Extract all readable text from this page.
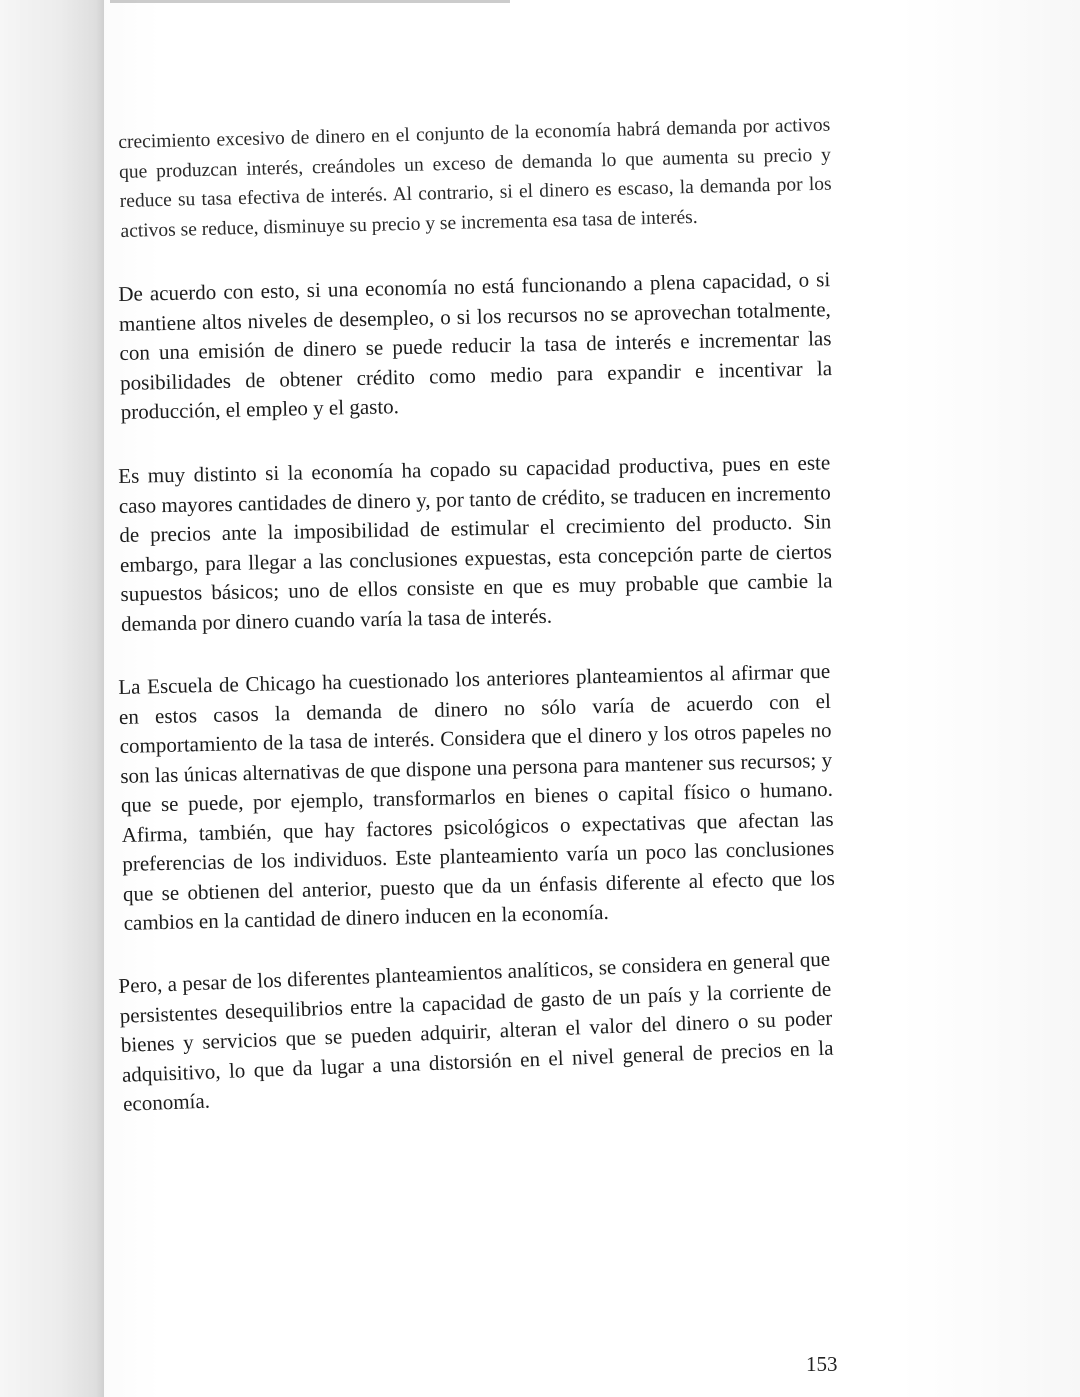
crecimiento excesivo de dinero en el conjunto de la economía habrá demanda por activos que produzcan interés, creándoles un exceso de demanda lo que aumenta su precio y reduce su tasa efectiva de interés. Al contrario, si el dinero es escaso, la demanda por los activos se reduce, disminuye su precio y se incrementa esa tasa de interés.

De acuerdo con esto, si una economía no está funcionando a plena capacidad, o si mantiene altos niveles de desempleo, o si los recursos no se aprovechan totalmente, con una emisión de dinero se puede reducir la tasa de interés e incrementar las posibilidades de obtener crédito como medio para expandir e incentivar la producción, el empleo y el gasto.

Es muy distinto si la economía ha copado su capacidad productiva, pues en este caso mayores cantidades de dinero y, por tanto de crédito, se traducen en incremento de precios ante la imposibilidad de estimular el crecimiento del producto. Sin embargo, para llegar a las conclusiones expuestas, esta concepción parte de ciertos supuestos básicos; uno de ellos consiste en que es muy probable que cambie la demanda por dinero cuando varía la tasa de interés.

La Escuela de Chicago ha cuestionado los anteriores planteamientos al afirmar que en estos casos la demanda de dinero no sólo varía de acuerdo con el comportamiento de la tasa de interés. Considera que el dinero y los otros papeles no son las únicas alternativas de que dispone una persona para mantener sus recursos; y que se puede, por ejemplo, transformarlos en bienes o capital físico o humano. Afirma, también, que hay factores psicológicos o expectativas que afectan las preferencias de los individuos. Este planteamiento varía un poco las conclusiones que se obtienen del anterior, puesto que da un énfasis diferente al efecto que los cambios en la cantidad de dinero inducen en la economía.

Pero, a pesar de los diferentes planteamientos analíticos, se considera en general que persistentes desequilibrios entre la capacidad de gasto de un país y la corriente de bienes y servicios que se pueden adquirir, alteran el valor del dinero o su poder adquisitivo, lo que da lugar a una distorsión en el nivel general de precios en la economía.

153
